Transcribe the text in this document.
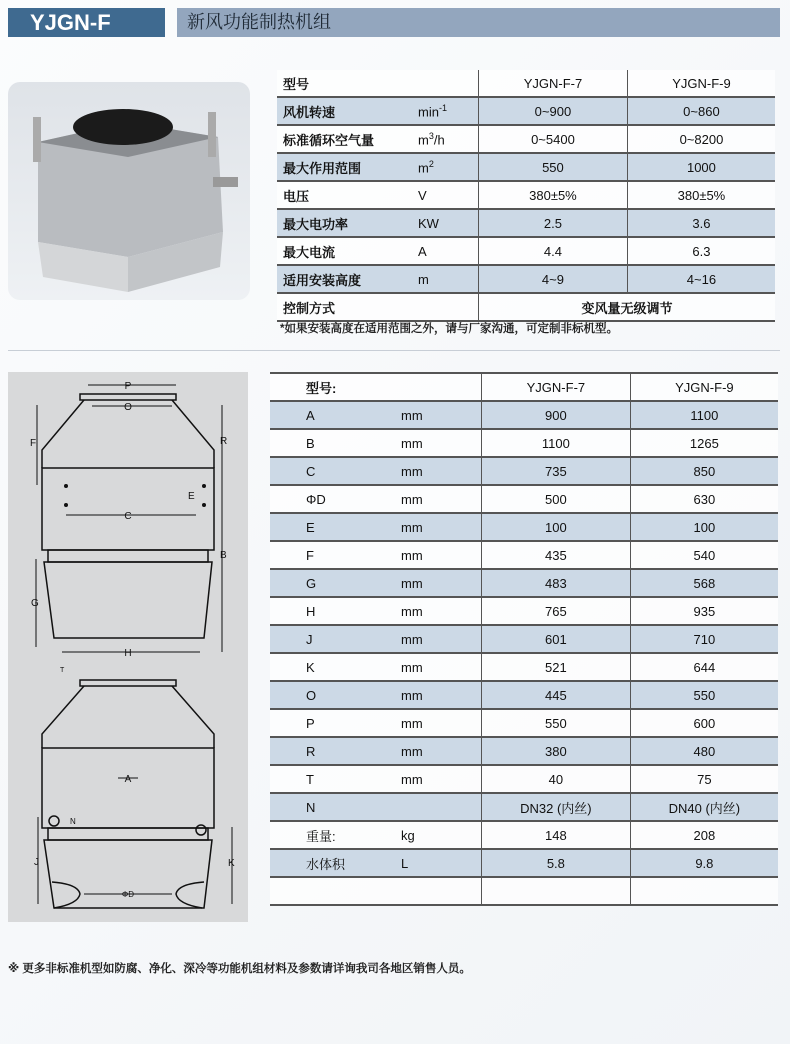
YJGN-F	新风功能制热机组
型号		YJGN-F-7	YJGN-F-9
风机转速	$\min^{-1}$	0~900	0~860
标准循环空气量	$m^3/h$	0~5400	0~8200
最大作用范围	$m^2$	550	1000
电压	V	380±5%	380±5%
最大电功率	KW	2.5	3.6
最大电流	A	4.4	6.3
适用安装高度	m	4~9	4~16
控制方式		变风量无级调节	
*如果安装高度在适用范围之外，请与厂家沟通，可定制非标机型。
P
O
F	R
E
C
B
G
H
T
A
N
J	K
ΦD
型号:		YJGN-F-7	YJGN-F-9
A	mm	900	1100
B	mm	1100	1265
C	mm	735	850
ΦD	mm	500	630
E	mm	100	100
F	mm	435	540
G	mm	483	568
H	mm	765	935
J	mm	601	710
K	mm	521	644
O	mm	445	550
P	mm	550	600
R	mm	380	480
T	mm	40	75
N		DN32 (内丝)	DN40 (内丝)
重量:	kg	148	208
水体积	L	5.8	9.8

※ 更多非标准机型如防腐、净化、深冷等功能机组材料及参数请详询我司各地区销售人员。
